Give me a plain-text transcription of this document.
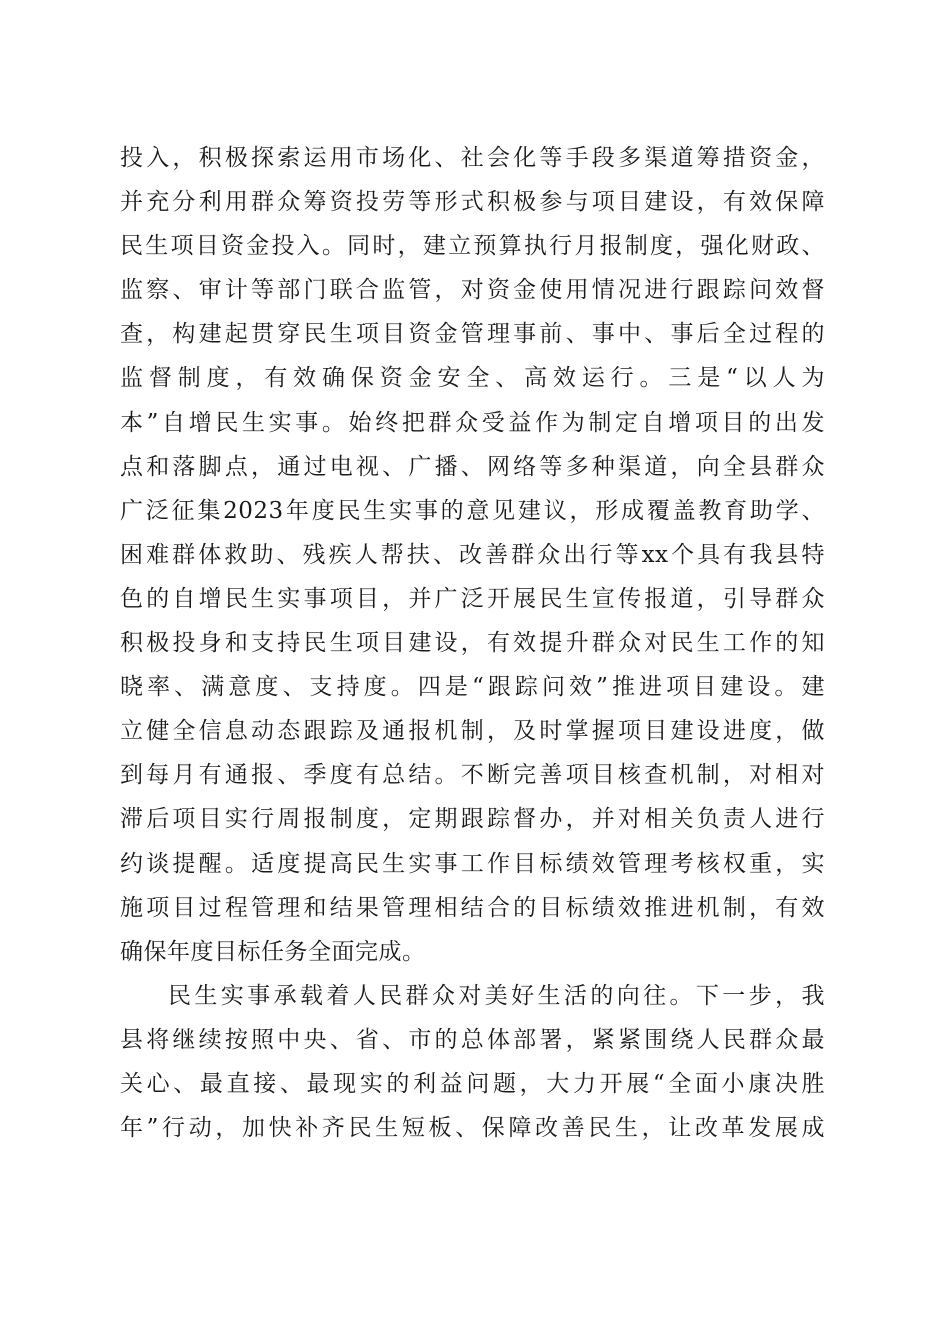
投入，积极探索运用市场化、社会化等手段多渠道筹措资金，
并充分利用群众筹资投劳等形式积极参与项目建设，有效保障
民生项目资金投入。同时，建立预算执行月报制度，强化财政、
监察、审计等部门联合监管，对资金使用情况进行跟踪问效督
查，构建起贯穿民生项目资金管理事前、事中、事后全过程的
监督制度，有效确保资金安全、高效运行。三是“以人为
本”自增民生实事。始终把群众受益作为制定自增项目的出发
点和落脚点，通过电视、广播、网络等多种渠道，向全县群众
广泛征集2023年度民生实事的意见建议，形成覆盖教育助学、
困难群体救助、残疾人帮扶、改善群众出行等xx个具有我县特
色的自增民生实事项目，并广泛开展民生宣传报道，引导群众
积极投身和支持民生项目建设，有效提升群众对民生工作的知
晓率、满意度、支持度。四是“跟踪问效”推进项目建设。建
立健全信息动态跟踪及通报机制，及时掌握项目建设进度，做
到每月有通报、季度有总结。不断完善项目核查机制，对相对
滞后项目实行周报制度，定期跟踪督办，并对相关负责人进行
约谈提醒。适度提高民生实事工作目标绩效管理考核权重，实
施项目过程管理和结果管理相结合的目标绩效推进机制，有效
确保年度目标任务全面完成。
民生实事承载着人民群众对美好生活的向往。下一步，我
县将继续按照中央、省、市的总体部署，紧紧围绕人民群众最
关心、最直接、最现实的利益问题，大力开展“全面小康决胜
年”行动，加快补齐民生短板、保障改善民生，让改革发展成
